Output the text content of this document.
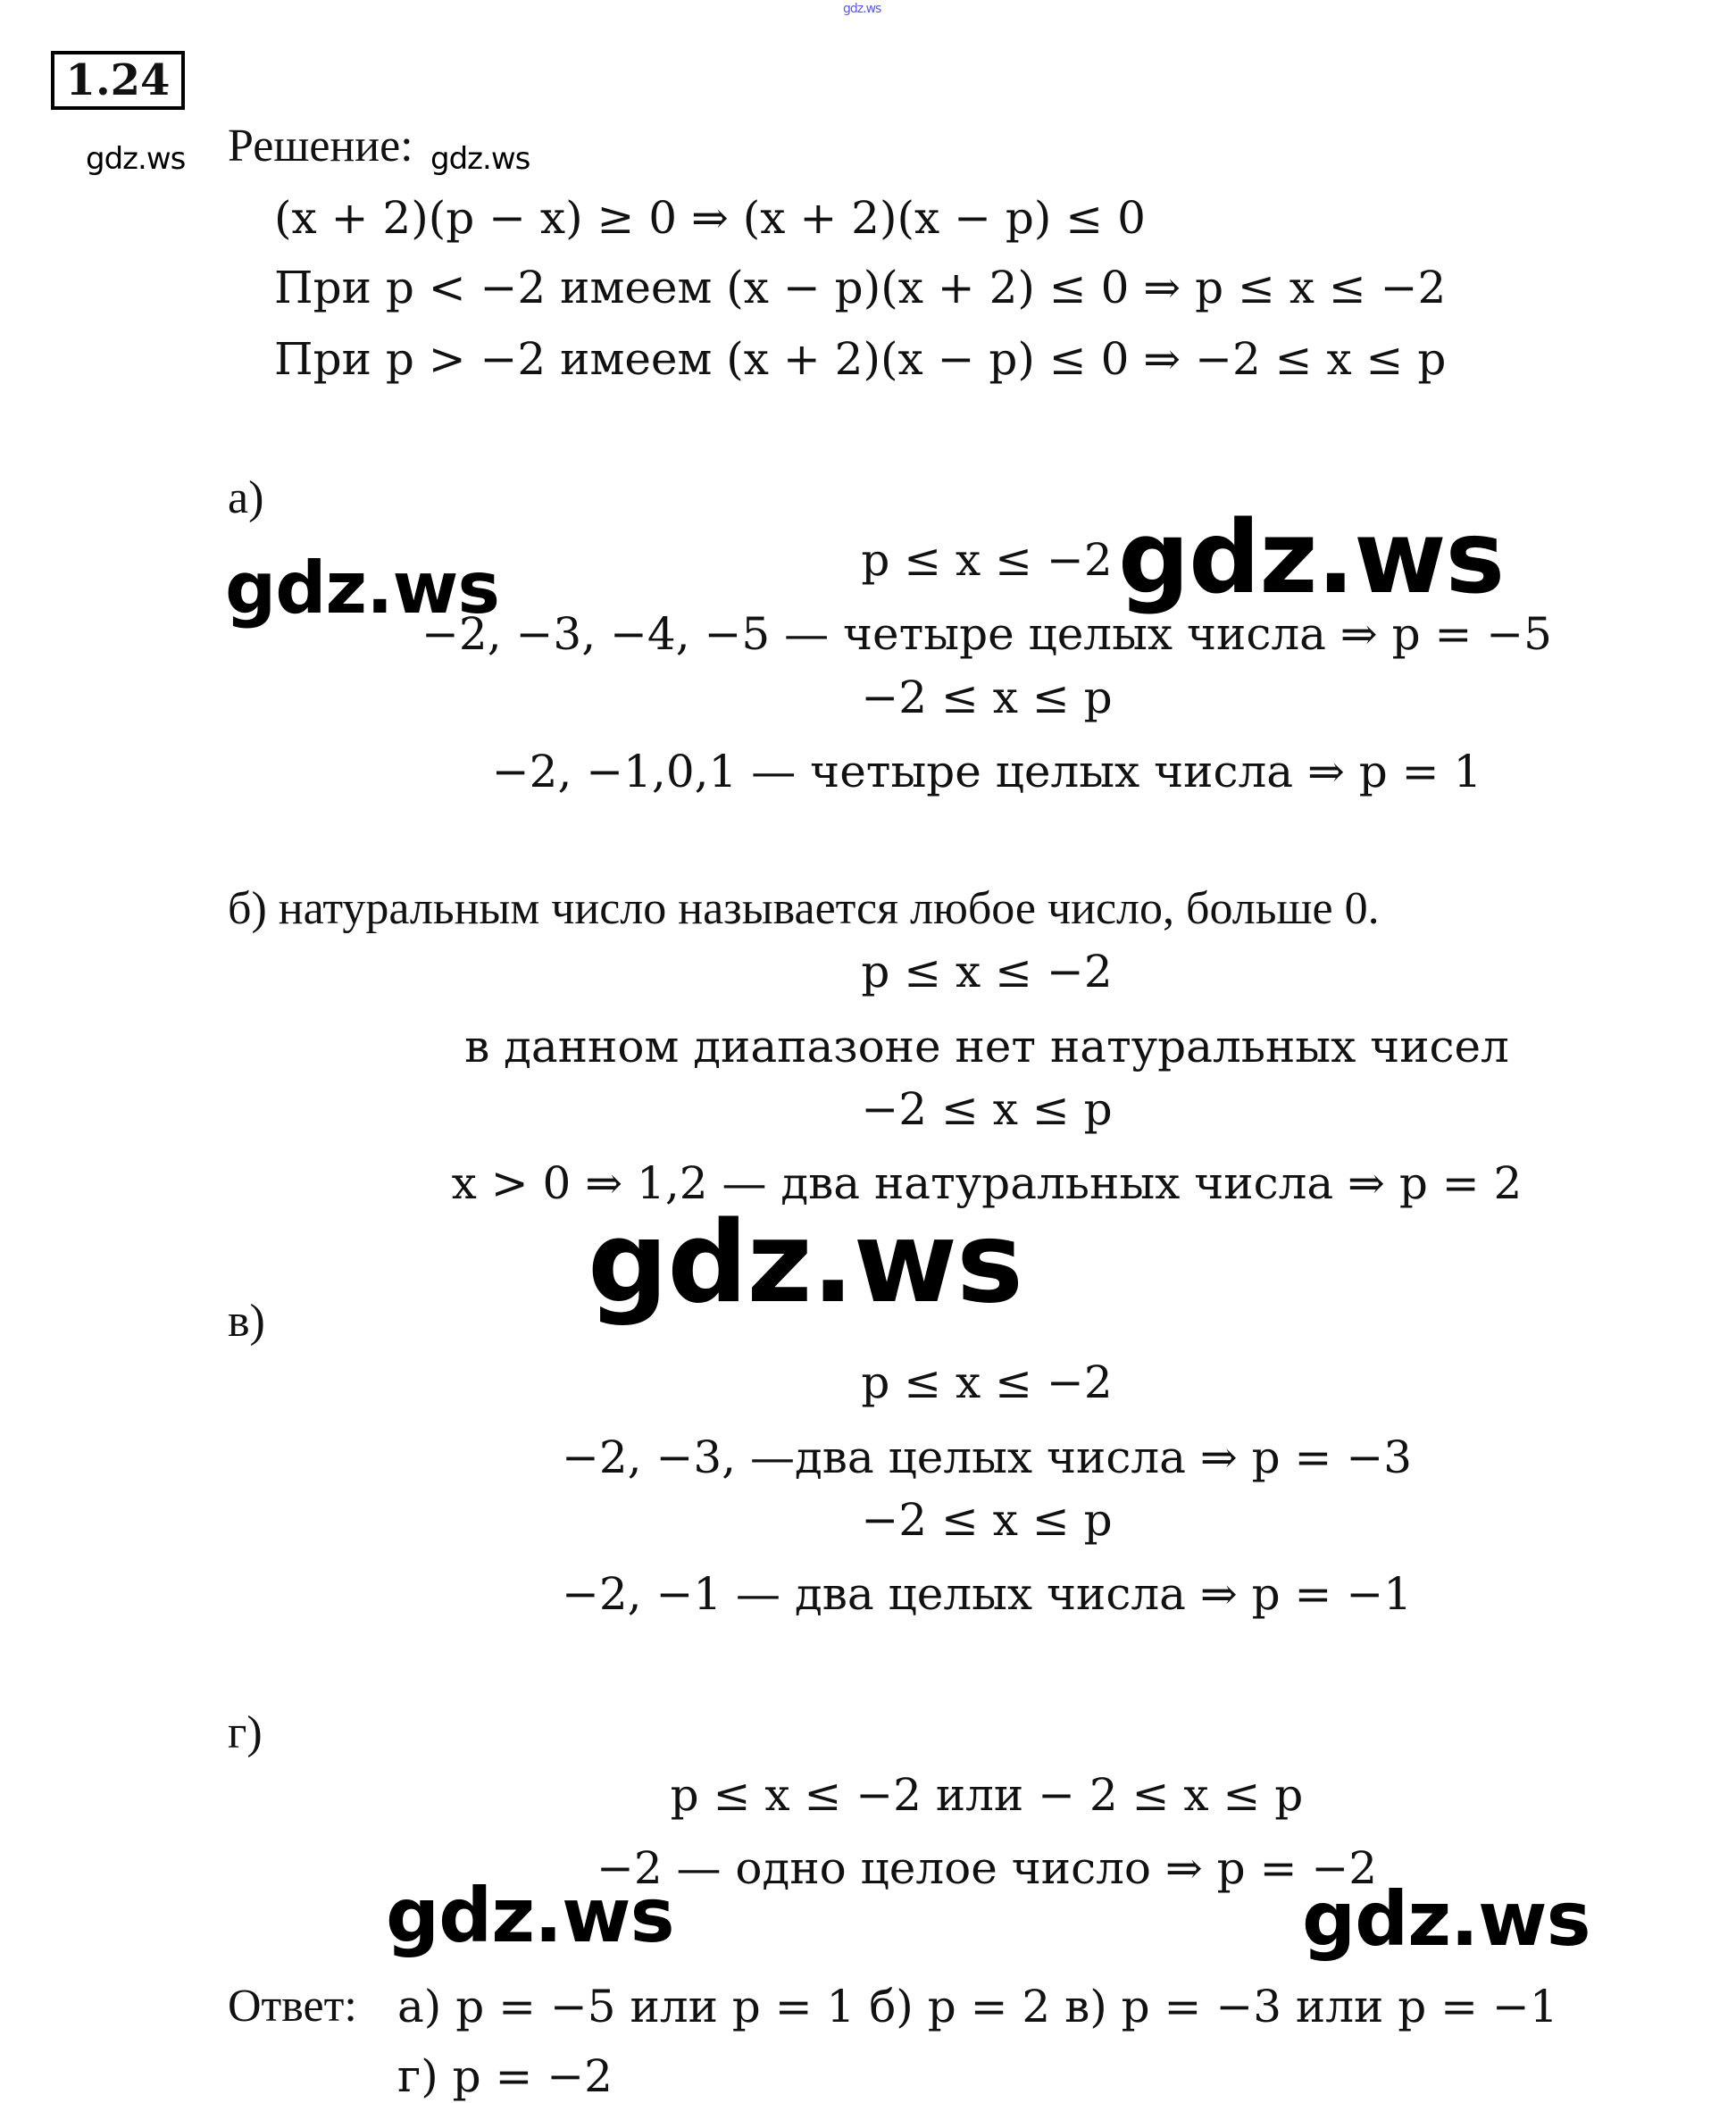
gdz.ws
1.24
gdz.ws Решение: gdz.ws
(x + 2)(p − x) ≥ 0 ⇒ (x + 2)(x − p) ≤ 0
При p < −2 имеем (x − p)(x + 2) ≤ 0 ⇒ p ≤ x ≤ −2
При p > −2 имеем (x + 2)(x − p) ≤ 0 ⇒ −2 ≤ x ≤ p
а)
p ≤ x ≤ −2 gdz.ws
gdz.ws
−2, −3, −4, −5 — четыре целых числа ⇒ p = −5
−2 ≤ x ≤ p
−2, −1,0,1 — четыре целых числа ⇒ p = 1
б) натуральным число называется любое число, больше 0.
p ≤ x ≤ −2
в данном диапазоне нет натуральных чисел
−2 ≤ x ≤ p
x > 0 ⇒ 1,2 — два натуральных числа ⇒ p = 2
gdz.ws
в)
p ≤ x ≤ −2
−2, −3, —два целых числа ⇒ p = −3
−2 ≤ x ≤ p
−2, −1 — два целых числа ⇒ p = −1
г)
p ≤ x ≤ −2 или − 2 ≤ x ≤ p
−2 — одно целое число ⇒ p = −2
gdz.ws	gdz.ws
Ответ: а) p = −5 или p = 1 б) p = 2 в) p = −3 или p = −1
г) p = −2
